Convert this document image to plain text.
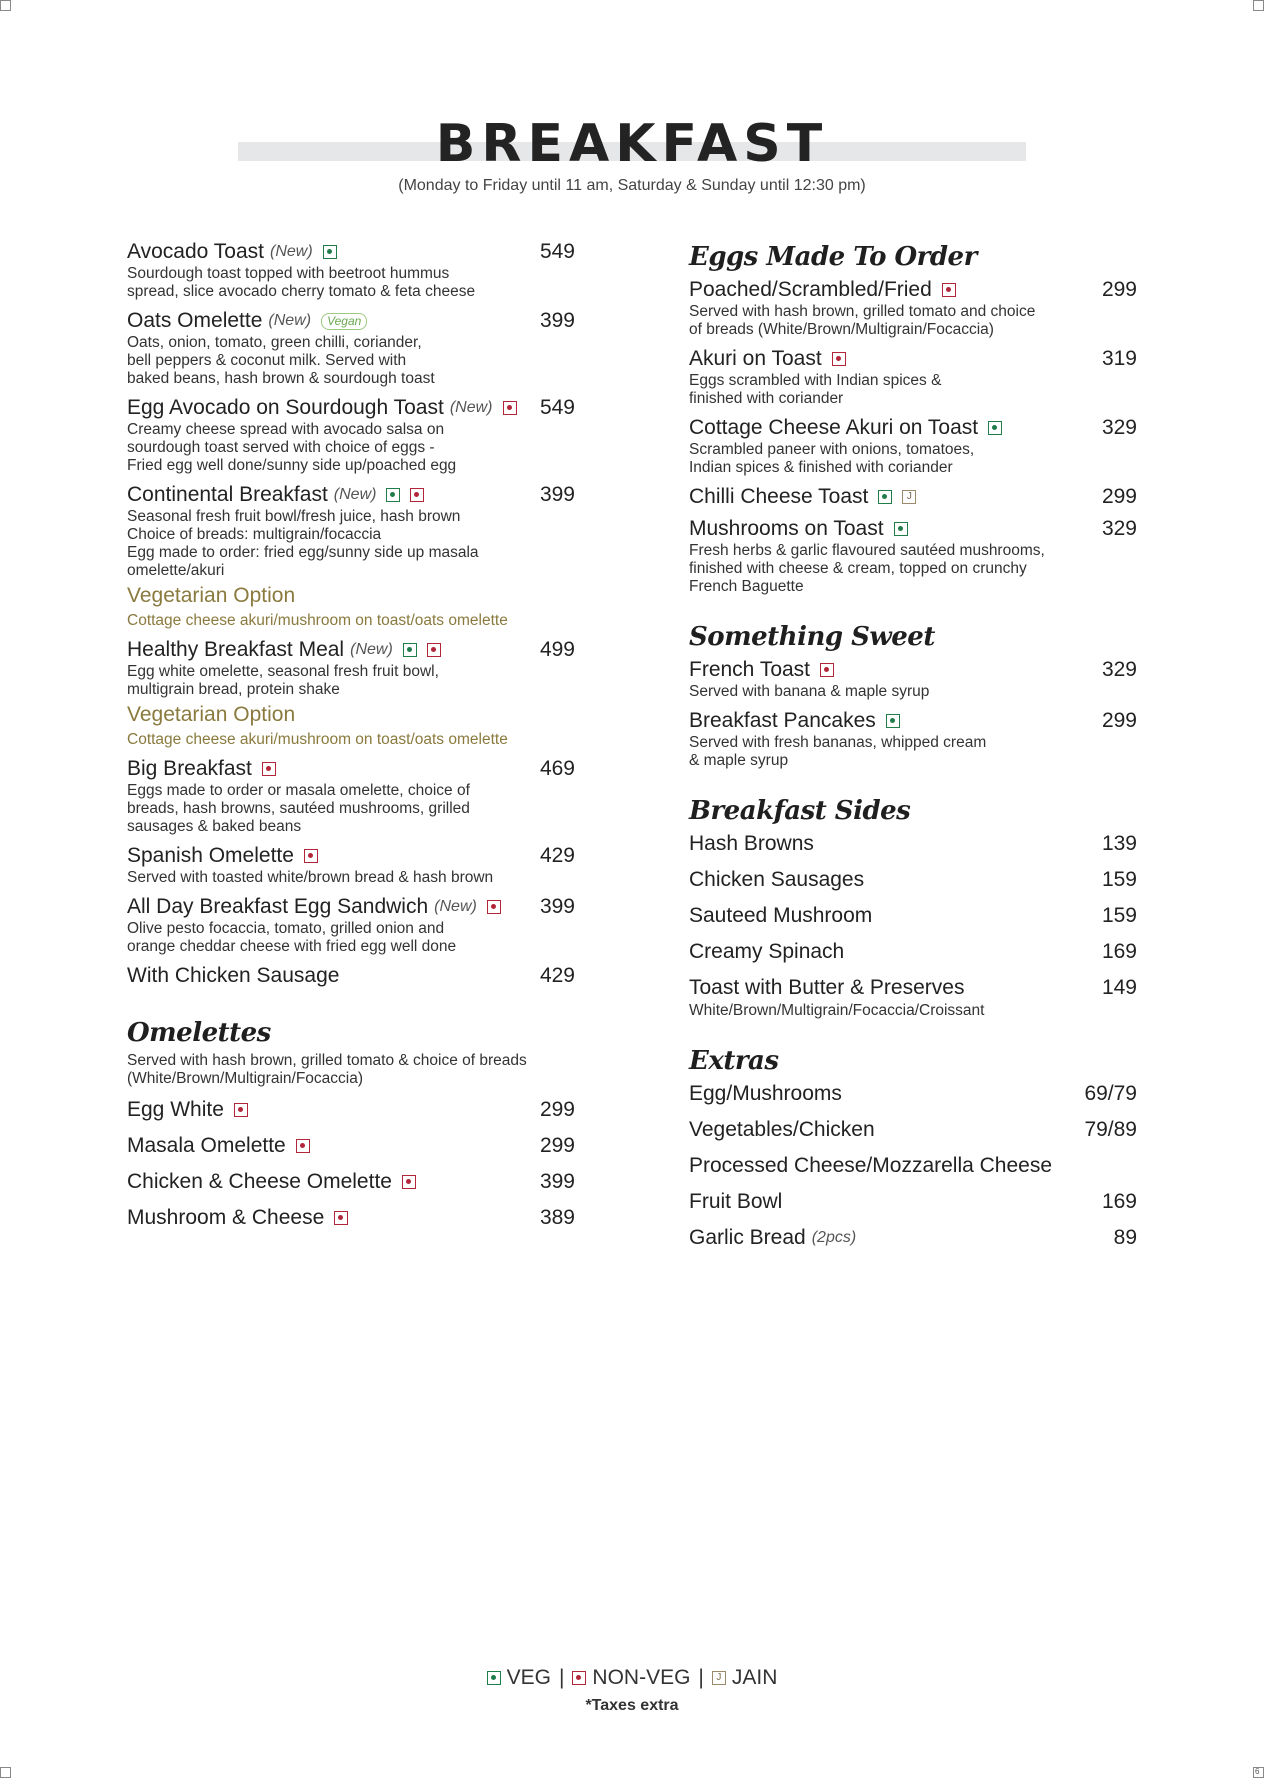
6
BREAKFAST
(Monday to Friday until 11 am, Saturday & Sunday until 12:30 pm)
Avocado Toast (New)	549
Sourdough toast topped with beetroot hummus
spread, slice avocado cherry tomato & feta cheese
Oats Omelette (New)	Vegan	399
Oats, onion, tomato, green chilli, coriander,
bell peppers & coconut milk. Served with
baked beans, hash brown & sourdough toast
Egg Avocado on Sourdough Toast (New) 549
Creamy cheese spread with avocado salsa on
sourdough toast served with choice of eggs -
Fried egg well done/sunny side up/poached egg
Continental Breakfast (New)	399
Seasonal fresh fruit bowl/fresh juice, hash brown
Choice of breads: multigrain/focaccia
Egg made to order: fried egg/sunny side up masala
omelette/akuri
Vegetarian Option
Cottage cheese akuri/mushroom on toast/oats omelette
Healthy Breakfast Meal (New)	499
Egg white omelette, seasonal fresh fruit bowl,
multigrain bread, protein shake
Vegetarian Option
Cottage cheese akuri/mushroom on toast/oats omelette
Big Breakfast	469
Eggs made to order or masala omelette, choice of
breads, hash browns, sautéed mushrooms, grilled
sausages & baked beans
Spanish Omelette	429
Served with toasted white/brown bread & hash brown
All Day Breakfast Egg Sandwich (New)	399
Olive pesto focaccia, tomato, grilled onion and
orange cheddar cheese with fried egg well done
With Chicken Sausage	429
Omelettes
Served with hash brown, grilled tomato & choice of breads
(White/Brown/Multigrain/Focaccia)
Egg White	299
Masala Omelette	299
Chicken & Cheese Omelette	399
Mushroom & Cheese	389
Eggs Made To Order
Poached/Scrambled/Fried	299
Served with hash brown, grilled tomato and choice
of breads (White/Brown/Multigrain/Focaccia)
Akuri on Toast	319
Eggs scrambled with Indian spices &
finished with coriander
Cottage Cheese Akuri on Toast	329
Scrambled paneer with onions, tomatoes,
Indian spices & finished with coriander
Chilli Cheese Toast	J	299
Mushrooms on Toast	329
Fresh herbs & garlic flavoured sautéed mushrooms,
finished with cheese & cream, topped on crunchy
French Baguette
Something Sweet
French Toast	329
Served with banana & maple syrup
Breakfast Pancakes	299
Served with fresh bananas, whipped cream
& maple syrup
Breakfast Sides
Hash Browns	139
Chicken Sausages	159
Sauteed Mushroom	159
Creamy Spinach	169
Toast with Butter & Preserves	149
White/Brown/Multigrain/Focaccia/Croissant
Extras
Egg/Mushrooms	69/79
Vegetables/Chicken	79/89
Processed Cheese/Mozzarella Cheese
Fruit Bowl	169
Garlic Bread (2pcs)	89
VEG | NON-VEG |	J JAIN
*Taxes extra
